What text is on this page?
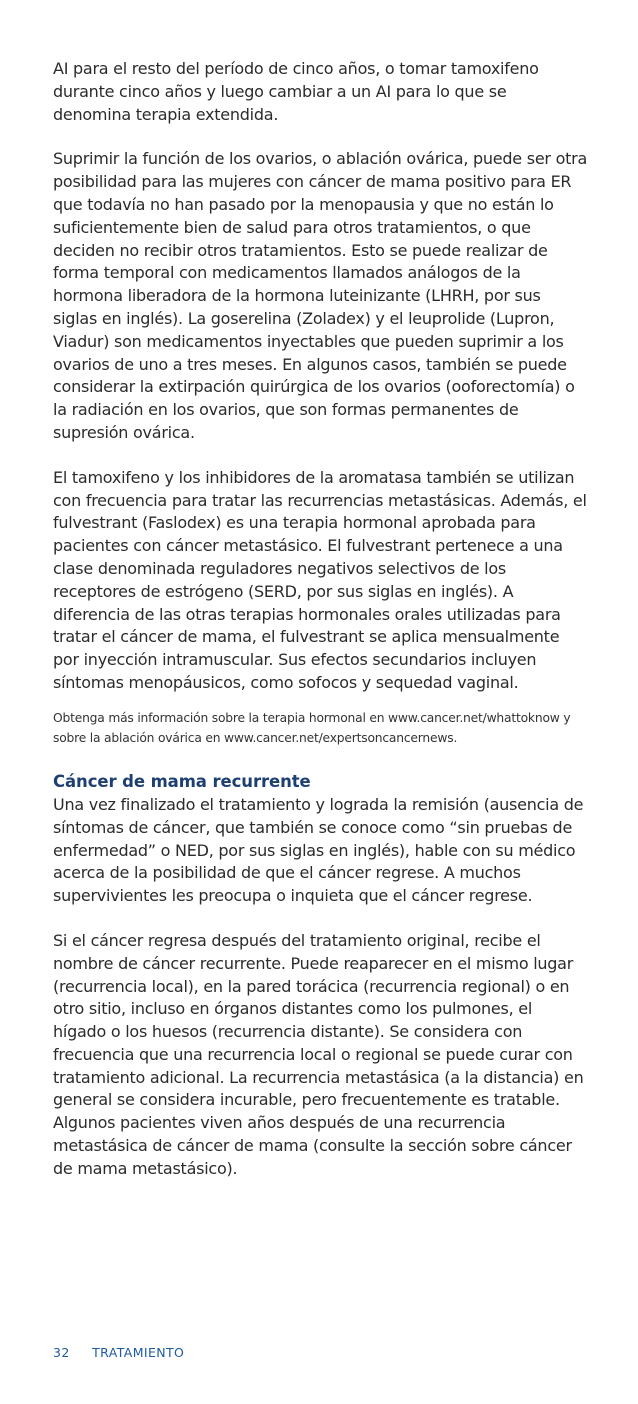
AI para el resto del período de cinco años, o tomar tamoxifeno durante cinco años y luego cambiar a un AI para lo que se denomina terapia extendida.

Suprimir la función de los ovarios, o ablación ovárica, puede ser otra posibilidad para las mujeres con cáncer de mama positivo para ER que todavía no han pasado por la menopausia y que no están lo suficientemente bien de salud para otros tratamientos, o que deciden no recibir otros tratamientos. Esto se puede realizar de forma temporal con medicamentos llamados análogos de la hormona liberadora de la hormona luteinizante (LHRH, por sus siglas en inglés). La goserelina (Zoladex) y el leuprolide (Lupron, Viadur) son medicamentos inyectables que pueden suprimir a los ovarios de uno a tres meses. En algunos casos, también se puede considerar la extirpación quirúrgica de los ovarios (ooforectomía) o la radiación en los ovarios, que son formas permanentes de supresión ovárica.

El tamoxifeno y los inhibidores de la aromatasa también se utilizan con frecuencia para tratar las recurrencias metastásicas. Además, el fulvestrant (Faslodex) es una terapia hormonal aprobada para pacientes con cáncer metastásico. El fulvestrant pertenece a una clase denominada reguladores negativos selectivos de los receptores de estrógeno (SERD, por sus siglas en inglés). A diferencia de las otras terapias hormonales orales utilizadas para tratar el cáncer de mama, el fulvestrant se aplica mensualmente por inyección intramuscular. Sus efectos secundarios incluyen síntomas menopáusicos, como sofocos y sequedad vaginal.

Obtenga más información sobre la terapia hormonal en www.cancer.net/whattoknow y sobre la ablación ovárica en www.cancer.net/expertsoncancernews.

Cáncer de mama recurrente

Una vez finalizado el tratamiento y lograda la remisión (ausencia de síntomas de cáncer, que también se conoce como “sin pruebas de enfermedad” o NED, por sus siglas en inglés), hable con su médico acerca de la posibilidad de que el cáncer regrese. A muchos supervivientes les preocupa o inquieta que el cáncer regrese.

Si el cáncer regresa después del tratamiento original, recibe el nombre de cáncer recurrente. Puede reaparecer en el mismo lugar (recurrencia local), en la pared torácica (recurrencia regional) o en otro sitio, incluso en órganos distantes como los pulmones, el hígado o los huesos (recurrencia distante). Se considera con frecuencia que una recurrencia local o regional se puede curar con tratamiento adicional. La recurrencia metastásica (a la distancia) en general se considera incurable, pero frecuentemente es tratable. Algunos pacientes viven años después de una recurrencia metastásica de cáncer de mama (consulte la sección sobre cáncer de mama metastásico).

32 TRATAMIENTO
